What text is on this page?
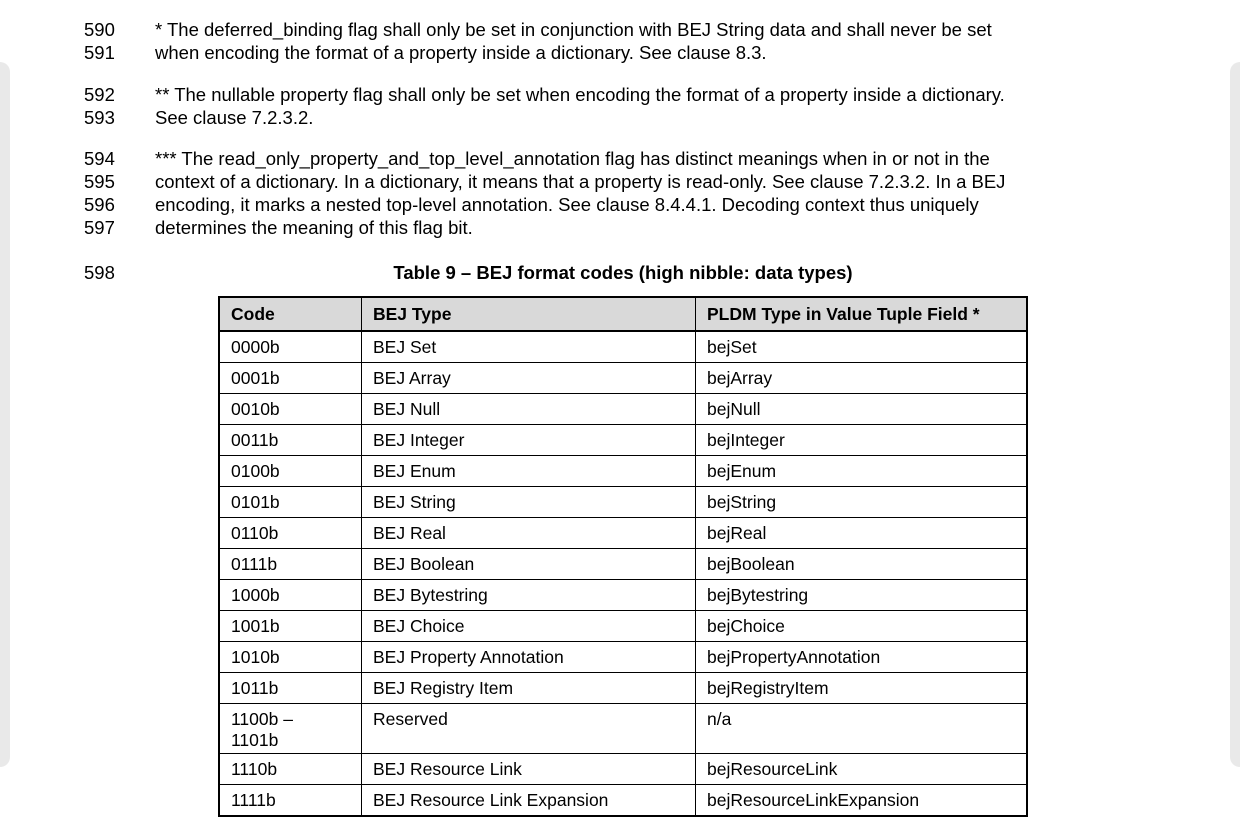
590	* The deferred_binding flag shall only be set in conjunction with BEJ String data and shall never be set
591	when encoding the format of a property inside a dictionary. See clause 8.3.
592	** The nullable property flag shall only be set when encoding the format of a property inside a dictionary.
593	See clause 7.2.3.2.
594	*** The read_only_property_and_top_level_annotation flag has distinct meanings when in or not in the
595	context of a dictionary. In a dictionary, it means that a property is read-only. See clause 7.2.3.2. In a BEJ
596	encoding, it marks a nested top-level annotation. See clause 8.4.4.1. Decoding context thus uniquely
597	determines the meaning of this flag bit.
598	Table 9 – BEJ format codes (high nibble: data types)
Code	BEJ Type	PLDM Type in Value Tuple Field *
0000b	BEJ Set	bejSet
0001b	BEJ Array	bejArray
0010b	BEJ Null	bejNull
0011b	BEJ Integer	bejInteger
0100b	BEJ Enum	bejEnum
0101b	BEJ String	bejString
0110b	BEJ Real	bejReal
0111b	BEJ Boolean	bejBoolean
1000b	BEJ Bytestring	bejBytestring
1001b	BEJ Choice	bejChoice
1010b	BEJ Property Annotation	bejPropertyAnnotation
1011b	BEJ Registry Item	bejRegistryItem
1100b –
1101b	Reserved	n/a
1110b	BEJ Resource Link	bejResourceLink
1111b	BEJ Resource Link Expansion	bejResourceLinkExpansion
